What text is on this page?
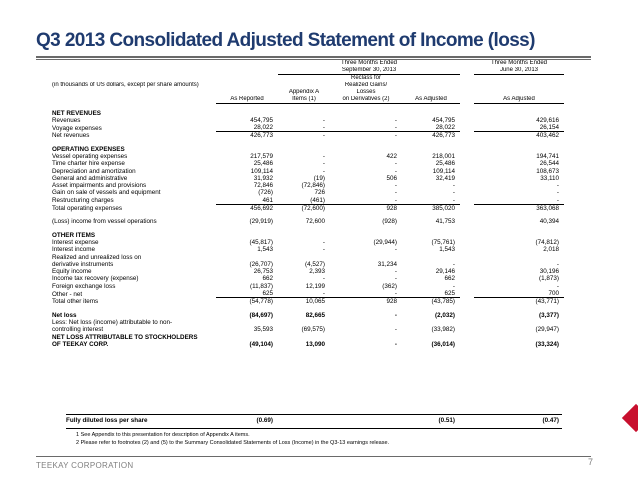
Q3 2013 Consolidated Adjusted Statement of Income (loss)
		Three Months Ended				Three Months Ended
		September 30, 2013				June 30, 2013
			Reclass for			
(in thousands of US dollars, except per share amounts)			Realized Gains/			
		Appendix A	Losses			
	As Reported	Items (1)	on Derivatives (2)	As Adjusted		As Adjusted
NET REVENUES						
Revenues	454,795	-	-	454,795		429,616
Voyage expenses	28,022	-	-	28,022		26,154
Net revenues	426,773	-	-	426,773		403,462
OPERATING EXPENSES						
Vessel operating expenses	217,579	-	422	218,001		194,741
Time charter hire expense	25,486	-	-	25,486		26,544
Depreciation and amortization	109,114	-	-	109,114		108,673
General and administrative	31,932	(19)	506	32,419		33,110
Asset impairments and provisions	72,846	(72,846)	-	-		-
Gain on sale of vessels and equipment	(726)	726	-	-		-
Restructuring charges	461	(461)	-	-		-
Total operating expenses	456,692	(72,600)	928	385,020		363,068
(Loss) income from vessel operations	(29,919)	72,600	(928)	41,753		40,394
OTHER ITEMS						
Interest expense	(45,817)	-	(29,944)	(75,761)		(74,812)
Interest income	1,543	-	-	1,543		2,018
Realized and unrealized loss on						
derivative instruments	(26,707)	(4,527)	31,234	-		-
Equity income	26,753	2,393	-	29,146		30,196
Income tax recovery (expense)	662	-	-	662		(1,873)
Foreign exchange loss	(11,837)	12,199	(362)	-		-
Other - net	625	-	-	625		700
Total other items	(54,778)	10,065	928	(43,785)		(43,771)
Net loss	(84,697)	82,665	-	(2,032)		(3,377)
Less: Net loss (income) attributable to non-						
controlling interest	35,593	(69,575)	-	(33,982)		(29,947)
NET LOSS ATTRIBUTABLE TO STOCKHOLDERS						
OF TEEKAY CORP.	(49,104)	13,090	-	(36,014)		(33,324)
Fully diluted loss per share	(0.69)			(0.51)		(0.47)
1 See Appendix to this presentation for description of Appendix A items.
2 Please refer to footnotes (2) and (5) to the Summary Consolidated Statements of Loss (Income) in the Q3-13 earnings release.
TEEKAY CORPORATION	7
